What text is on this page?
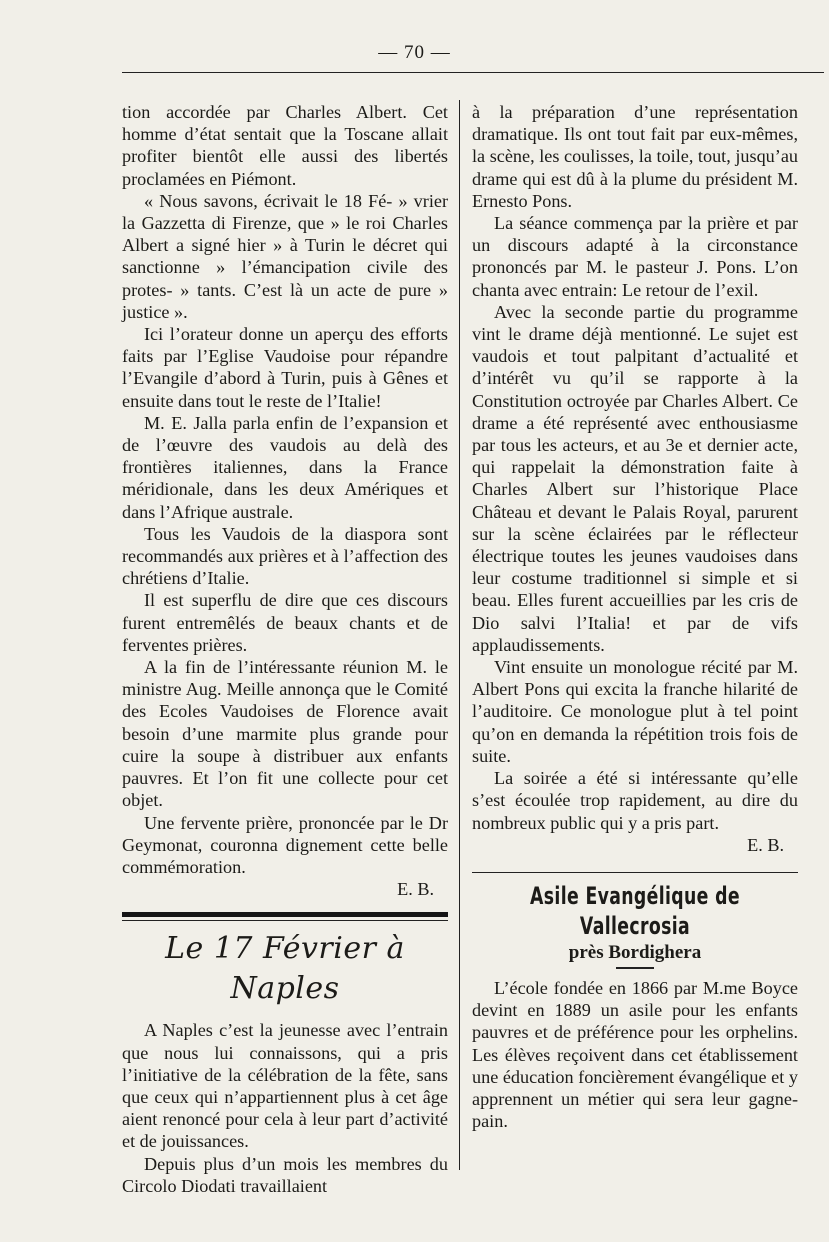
— 70 —

tion accordée par Charles Albert. Cet homme d’état sentait que la Toscane allait profiter bientôt elle aussi des libertés proclamées en Piémont.

« Nous savons, écrivait le 18 Fé- » vrier la Gazzetta di Firenze, que » le roi Charles Albert a signé hier » à Turin le décret qui sanctionne » l’émancipation civile des protes- » tants. C’est là un acte de pure » justice ».

Ici l’orateur donne un aperçu des efforts faits par l’Eglise Vaudoise pour répandre l’Evangile d’abord à Turin, puis à Gênes et ensuite dans tout le reste de l’Italie!

M. E. Jalla parla enfin de l’expansion et de l’œuvre des vaudois au delà des frontières italiennes, dans la France méridionale, dans les deux Amériques et dans l’Afrique australe.

Tous les Vaudois de la diaspora sont recommandés aux prières et à l’affection des chrétiens d’Italie.

Il est superflu de dire que ces discours furent entremêlés de beaux chants et de ferventes prières.

A la fin de l’intéressante réunion M. le ministre Aug. Meille annonça que le Comité des Ecoles Vaudoises de Florence avait besoin d’une marmite plus grande pour cuire la soupe à distribuer aux enfants pauvres. Et l’on fit une collecte pour cet objet.

Une fervente prière, prononcée par le Dr Geymonat, couronna dignement cette belle commémoration.

E. B.

Le 17 Février à Naples

A Naples c’est la jeunesse avec l’entrain que nous lui connaissons, qui a pris l’initiative de la célébration de la fête, sans que ceux qui n’appartiennent plus à cet âge aient renoncé pour cela à leur part d’activité et de jouissances.

Depuis plus d’un mois les membres du Circolo Diodati travaillaient

à la préparation d’une représentation dramatique. Ils ont tout fait par eux-mêmes, la scène, les coulisses, la toile, tout, jusqu’au drame qui est dû à la plume du président M. Ernesto Pons.

La séance commença par la prière et par un discours adapté à la circonstance prononcés par M. le pasteur J. Pons. L’on chanta avec entrain: Le retour de l’exil.

Avec la seconde partie du programme vint le drame déjà mentionné. Le sujet est vaudois et tout palpitant d’actualité et d’intérêt vu qu’il se rapporte à la Constitution octroyée par Charles Albert. Ce drame a été représenté avec enthousiasme par tous les acteurs, et au 3e et dernier acte, qui rappelait la démonstration faite à Charles Albert sur l’historique Place Château et devant le Palais Royal, parurent sur la scène éclairées par le réflecteur électrique toutes les jeunes vaudoises dans leur costume traditionnel si simple et si beau. Elles furent accueillies par les cris de Dio salvi l’Italia! et par de vifs applaudissements.

Vint ensuite un monologue récité par M. Albert Pons qui excita la franche hilarité de l’auditoire. Ce monologue plut à tel point qu’on en demanda la répétition trois fois de suite.

La soirée a été si intéressante qu’elle s’est écoulée trop rapidement, au dire du nombreux public qui y a pris part.

E. B.

Asile Evangélique de Vallecrosia
près Bordighera

L’école fondée en 1866 par M.me Boyce devint en 1889 un asile pour les enfants pauvres et de préférence pour les orphelins. Les élèves reçoivent dans cet établissement une éducation foncièrement évangélique et y apprennent un métier qui sera leur gagne-pain.
